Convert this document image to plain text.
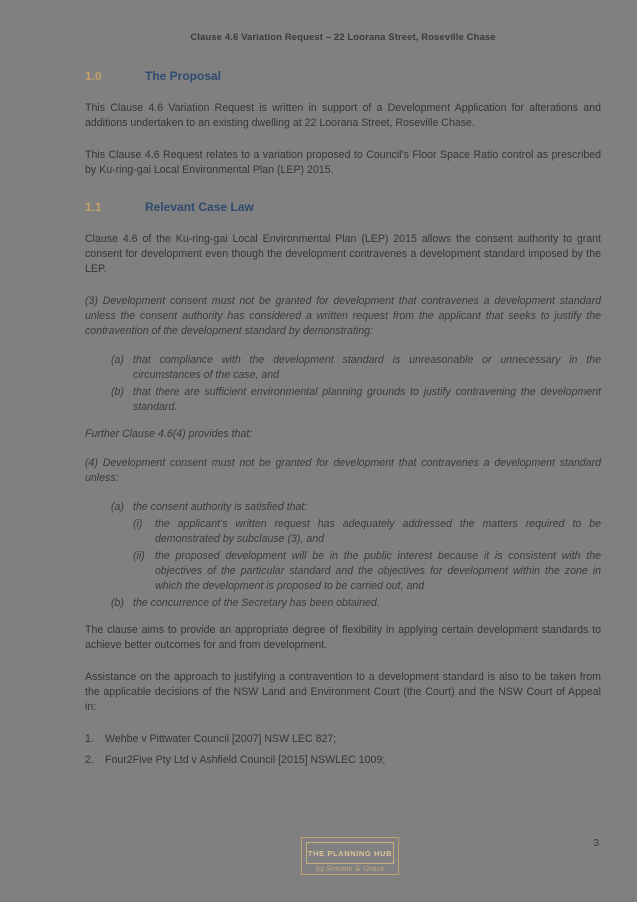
Clause 4.6 Variation Request – 22 Loorana Street, Roseville Chase
1.0	The Proposal

This Clause 4.6 Variation Request is written in support of a Development Application for alterations and additions undertaken to an existing dwelling at 22 Loorana Street, Roseville Chase.

This Clause 4.6 Request relates to a variation proposed to Council’s Floor Space Ratio control as prescribed by Ku-ring-gai Local Environmental Plan (LEP) 2015.

1.1	Relevant Case Law

Clause 4.6 of the Ku-ring-gai Local Environmental Plan (LEP) 2015 allows the consent authority to grant consent for development even though the development contravenes a development standard imposed by the LEP.

(3) Development consent must not be granted for development that contravenes a development standard unless the consent authority has considered a written request from the applicant that seeks to justify the contravention of the development standard by demonstrating:

(a) that compliance with the development standard is unreasonable or unnecessary in the circumstances of the case, and
(b) that there are sufficient environmental planning grounds to justify contravening the development standard.

Further Clause 4.6(4) provides that:

(4) Development consent must not be granted for development that contravenes a development standard unless:

(a) the consent authority is satisfied that:
(i)	the applicant’s written request has adequately addressed the matters required to be demonstrated by subclause (3), and
(ii) the proposed development will be in the public interest because it is consistent with the objectives of the particular standard and the objectives for development within the zone in which the development is proposed to be carried out, and
(b) the concurrence of the Secretary has been obtained.

The clause aims to provide an appropriate degree of flexibility in applying certain development standards to achieve better outcomes for and from development.

Assistance on the approach to justifying a contravention to a development standard is also to be taken from the applicable decisions of the NSW Land and Environment Court (the Court) and the NSW Court of Appeal in:

1.	Wehbe v Pittwater Council [2007] NSW LEC 827;
2.	Four2Five Pty Ltd v Ashfield Council [2015] NSWLEC 1009;
THE PLANNING HUB
by Simone & Grace
3
